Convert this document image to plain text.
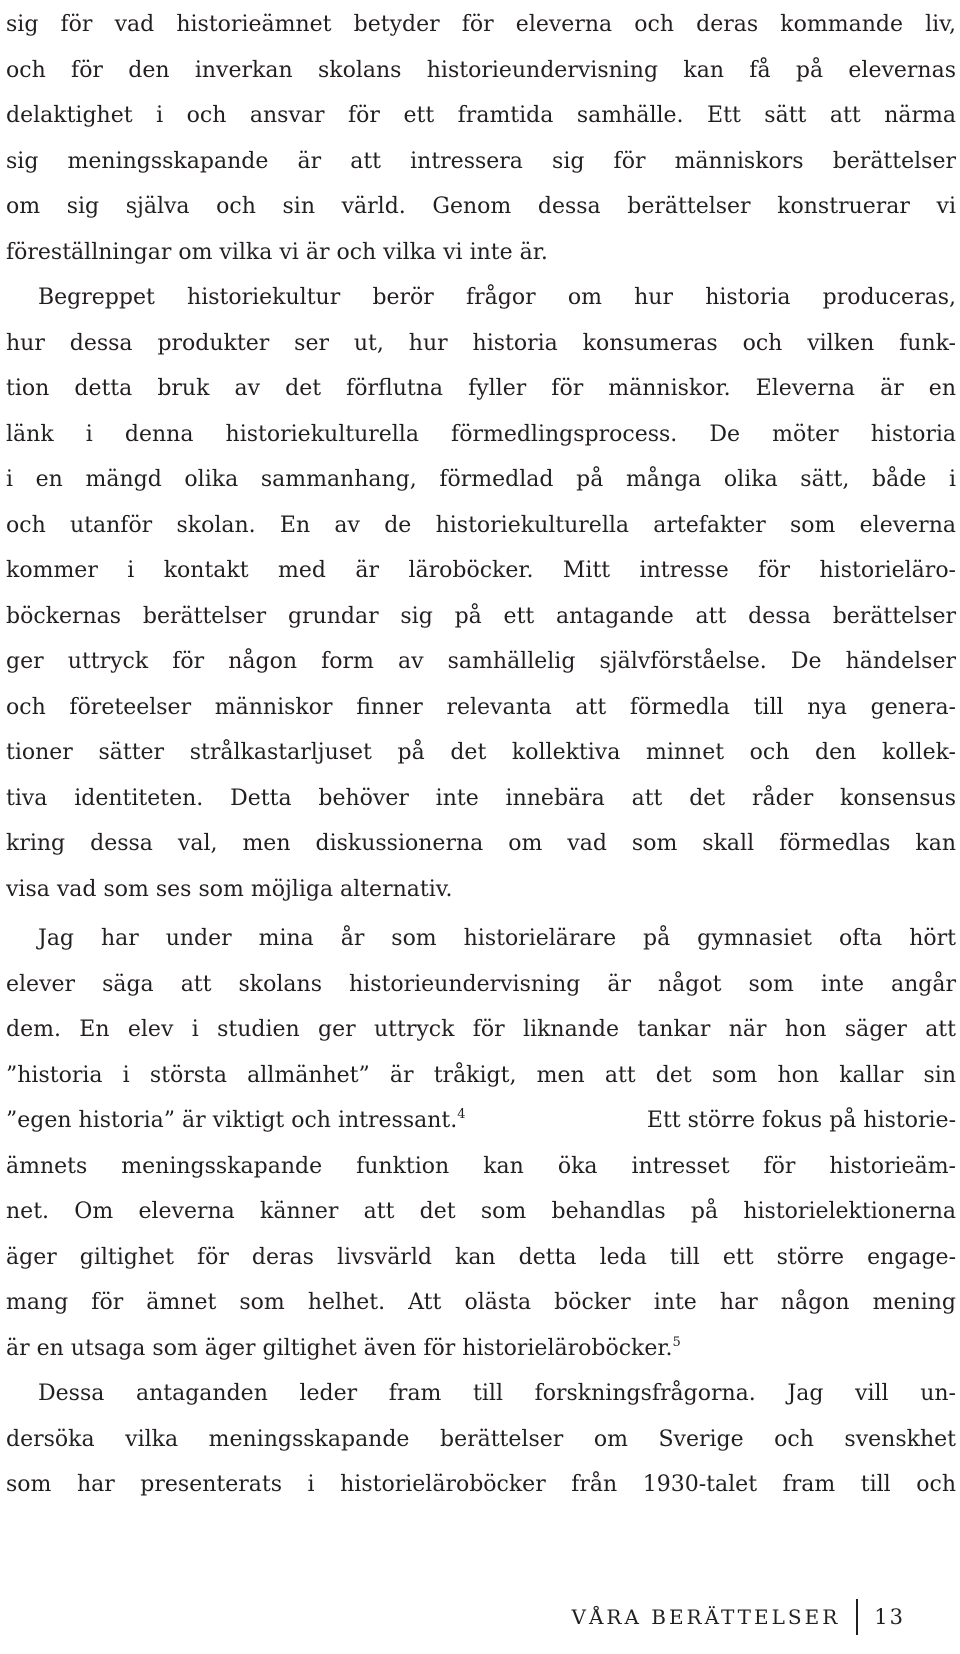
sig för vad historieämnet betyder för eleverna och deras kommande liv,
och för den inverkan skolans historieundervisning kan få på elevernas
delaktighet i och ansvar för ett framtida samhälle. Ett sätt att närma
sig meningsskapande är att intressera sig för människors berättelser
om sig själva och sin värld. Genom dessa berättelser konstruerar vi
föreställningar om vilka vi är och vilka vi inte är.
Begreppet historiekultur berör frågor om hur historia produceras,
hur dessa produkter ser ut, hur historia konsumeras och vilken funk-
tion detta bruk av det förflutna fyller för människor. Eleverna är en
länk i denna historiekulturella förmedlingsprocess. De möter historia
i en mängd olika sammanhang, förmedlad på många olika sätt, både i
och utanför skolan. En av de historiekulturella artefakter som eleverna
kommer i kontakt med är läroböcker. Mitt intresse för historielärо-
böckernas berättelser grundar sig på ett antagande att dessa berättelser
ger uttryck för någon form av samhällelig självförståelse. De händelser
och företeelser människor finner relevanta att förmedla till nya genera-
tioner sätter strålkastarljuset på det kollektiva minnet och den kollek-
tiva identiteten. Detta behöver inte innebära att det råder konsensus
kring dessa val, men diskussionerna om vad som skall förmedlas kan
visa vad som ses som möjliga alternativ.
Jag har under mina år som historielärare på gymnasiet ofta hört
elever säga att skolans historieundervisning är något som inte angår
dem. En elev i studien ger uttryck för liknande tankar när hon säger att
”historia i största allmänhet” är tråkigt, men att det som hon kallar sin
”egen historia” är viktigt och intressant.$^4$	Ett större fokus på historie-
ämnets meningsskapande funktion kan öka intresset för historieäm-
net. Om eleverna känner att det som behandlas på historielektionerna
äger giltighet för deras livsvärld kan detta leda till ett större engage-
mang för ämnet som helhet. Att olästa böcker inte har någon mening
är en utsaga som äger giltighet även för historieläroböcker.$^5$
Dessa antaganden leder fram till forskningsfrågorna. Jag vill un-
dersöka vilka meningsskapande berättelser om Sverige och svenskhet
som har presenterats i historieläroböcker från 1930-talet fram till och
VÅRA BERÄTTELSER	13
